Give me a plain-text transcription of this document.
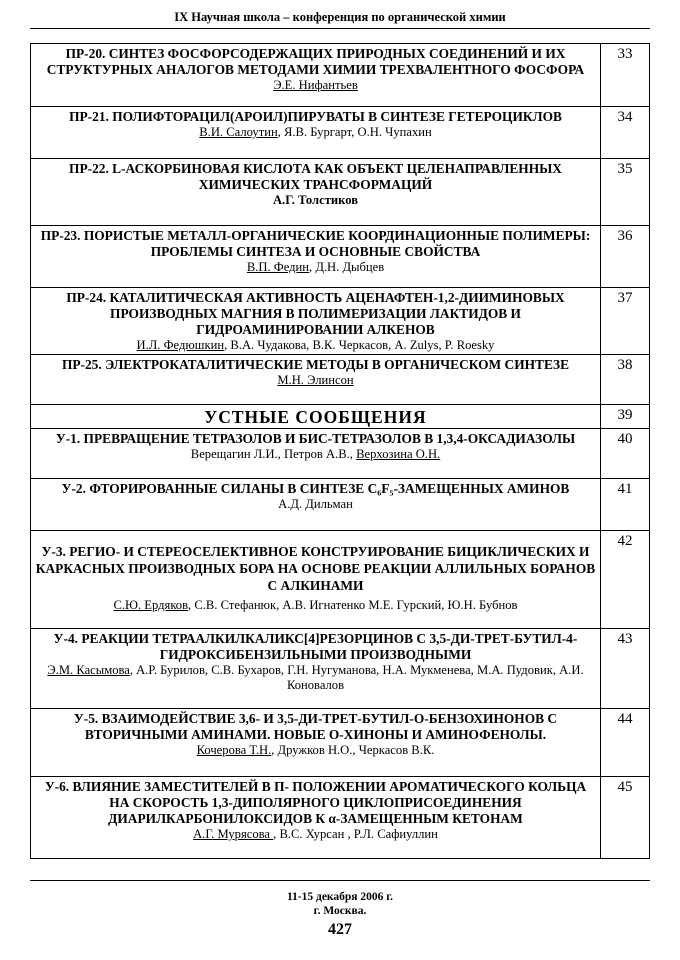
IX Научная школа – конференция по органической химии
ПР-20. СИНТЕЗ ФОСФОРСОДЕРЖАЩИХ ПРИРОДНЫХ СОЕДИНЕНИЙ И ИХ СТРУКТУРНЫХ АНАЛОГОВ МЕТОДАМИ ХИМИИ ТРЕХВАЛЕНТНОГО ФОСФОРА
Э.Е. Нифантьев	33

ПР-21. ПОЛИФТОРАЦИЛ(АРОИЛ)ПИРУВАТЫ В СИНТЕЗЕ ГЕТЕРОЦИКЛОВ
В.И. Салоутин, Я.В. Бургарт, О.Н. Чупахин	34

ПР-22. L-АСКОРБИНОВАЯ КИСЛОТА КАК ОБЪЕКТ ЦЕЛЕНАПРАВЛЕННЫХ ХИМИЧЕСКИХ ТРАНСФОРМАЦИЙ
А.Г. Толстиков	35

ПР-23. ПОРИСТЫЕ МЕТАЛЛ-ОРГАНИЧЕСКИЕ КООРДИНАЦИОННЫЕ ПОЛИМЕРЫ: ПРОБЛЕМЫ СИНТЕЗА И ОСНОВНЫЕ СВОЙСТВА
В.П. Федин, Д.Н. Дыбцев	36

ПР-24. КАТАЛИТИЧЕСКАЯ АКТИВНОСТЬ АЦЕНАФТЕН-1,2-ДИИМИНОВЫХ ПРОИЗВОДНЫХ МАГНИЯ В ПОЛИМЕРИЗАЦИИ ЛАКТИДОВ И ГИДРОАМИНИРОВАНИИ АЛКЕНОВ
И.Л. Федюшкин, В.А. Чудакова, В.К. Черкасов, A. Zulys, P. Roesky	37

ПР-25. ЭЛЕКТРОКАТАЛИТИЧЕСКИЕ МЕТОДЫ В ОРГАНИЧЕСКОМ СИНТЕЗЕ
М.Н. Элинсон	38

УСТНЫЕ СООБЩЕНИЯ	39

У-1. ПРЕВРАЩЕНИЕ ТЕТРАЗОЛОВ И БИС-ТЕТРАЗОЛОВ В 1,3,4-ОКСАДИАЗОЛЫ
Верещагин Л.И., Петров А.В., Верхозина О.Н.	40

У-2. ФТОРИРОВАННЫЕ СИЛАНЫ В СИНТЕЗЕ C₆F₅-ЗАМЕЩЕННЫХ АМИНОВ
А.Д. Дильман	41

У-3. РЕГИО- И СТЕРЕОСЕЛЕКТИВНОЕ КОНСТРУИРОВАНИЕ БИЦИКЛИЧЕСКИХ И КАРКАСНЫХ ПРОИЗВОДНЫХ БОРА НА ОСНОВЕ РЕАКЦИИ АЛЛИЛЬНЫХ БОРАНОВ С АЛКИНАМИ
С.Ю. Ердяков, С.В. Стефанюк, А.В. Игнатенко М.Е. Гурский, Ю.Н. Бубнов	42

У-4. РЕАКЦИИ ТЕТРААЛКИЛКАЛИКС[4]РЕЗОРЦИНОВ С 3,5-ДИ-ТРЕТ-БУТИЛ-4-ГИДРОКСИБЕНЗИЛЬНЫМИ ПРОИЗВОДНЫМИ
Э.М. Касымова, А.Р. Бурилов, С.В. Бухаров, Г.Н. Нугуманова, Н.А. Мукменева, М.А. Пудовик, А.И. Коновалов	43

У-5. ВЗАИМОДЕЙСТВИЕ 3,6- И 3,5-ДИ-ТРЕТ-БУТИЛ-О-БЕНЗОХИНОНОВ С ВТОРИЧНЫМИ АМИНАМИ. НОВЫЕ О-ХИНОНЫ И АМИНОФЕНОЛЫ.
Кочерова Т.Н., Дружков Н.О., Черкасов В.К.	44

У-6. ВЛИЯНИЕ ЗАМЕСТИТЕЛЕЙ В П- ПОЛОЖЕНИИ АРОМАТИЧЕСКОГО КОЛЬЦА НА СКОРОСТЬ 1,3-ДИПОЛЯРНОГО ЦИКЛОПРИСОЕДИНЕНИЯ ДИАРИЛКАРБОНИЛОКСИДОВ К α-ЗАМЕЩЕННЫМ КЕТОНАМ
А.Г. Мурясова , В.С. Хурсан , Р.Л. Сафиуллин	45
11-15 декабря 2006 г.
г. Москва.
427
